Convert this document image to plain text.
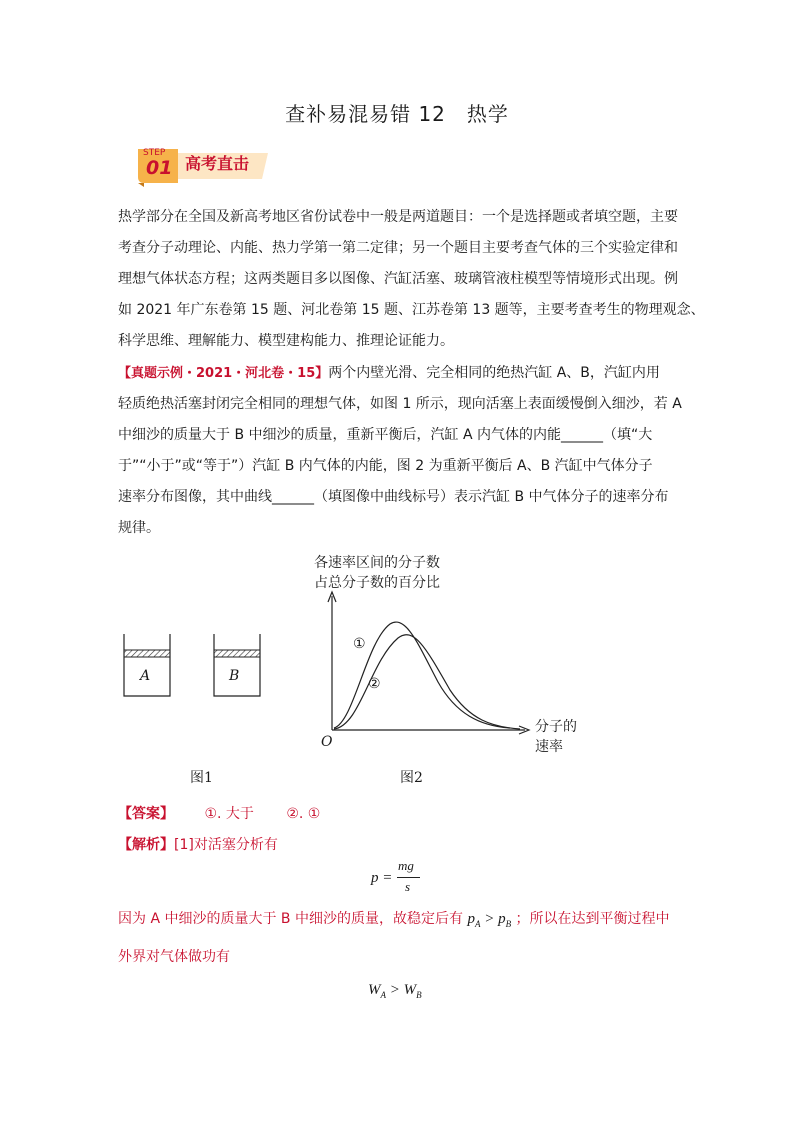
查补易混易错 12　热学
STEP
01 高考直击

热学部分在全国及新高考地区省份试卷中一般是两道题目：一个是选择题或者填空题，主要

考查分子动理论、内能、热力学第一第二定律；另一个题目主要考查气体的三个实验定律和

理想气体状态方程；这两类题目多以图像、汽缸活塞、玻璃管液柱模型等情境形式出现。例

如 2021 年广东卷第 15 题、河北卷第 15 题、江苏卷第 13 题等，主要考查考生的物理观念、

科学思维、理解能力、模型建构能力、推理论证能力。

【真题示例・2021・河北卷・15】两个内壁光滑、完全相同的绝热汽缸 A、B，汽缸内用

轻质绝热活塞封闭完全相同的理想气体，如图 1 所示，现向活塞上表面缓慢倒入细沙，若 A

中细沙的质量大于 B 中细沙的质量，重新平衡后，汽缸 A 内气体的内能______（填“大

于”“小于”或“等于”）汽缸 B 内气体的内能，图 2 为重新平衡后 A、B 汽缸中气体分子

速率分布图像，其中曲线______（填图像中曲线标号）表示汽缸 B 中气体分子的速率分布

规律。

A	B
图1
各速率区间的分子数
占总分子数的百分比
①
②
O
分子的
速率
图2
【答案】 ①. 大于 ②. ①
【解析】[1]对活塞分析有
p =
mg
s
因为 A 中细沙的质量大于 B 中细沙的质量，故稳定后有 $p_A > p_B$ ；所以在达到平衡过程中
外界对气体做功有
$W_A > W_B$
